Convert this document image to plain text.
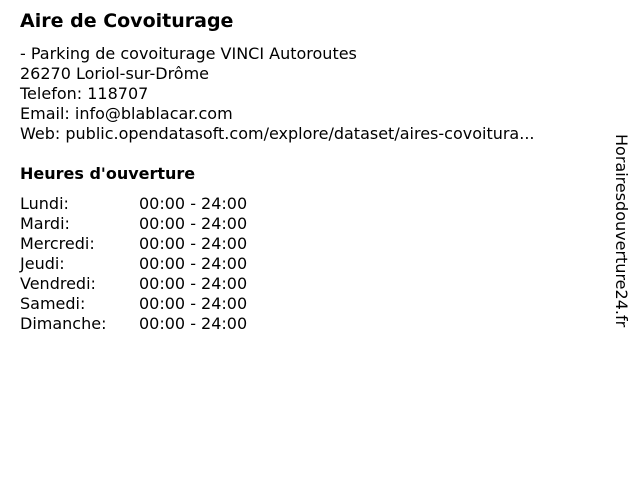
Aire de Covoiturage
- Parking de covoiturage VINCI Autoroutes
26270 Loriol-sur-Drôme
Telefon: 118707
Email: info@blablacar.com
Web: public.opendatasoft.com/explore/dataset/aires-covoitura...
Heures d'ouverture
Lundi:	00:00 - 24:00
Mardi:	00:00 - 24:00
Mercredi:	00:00 - 24:00
Jeudi:	00:00 - 24:00
Vendredi:	00:00 - 24:00
Samedi:	00:00 - 24:00
Dimanche:	00:00 - 24:00	Horairesdouverture24.fr
